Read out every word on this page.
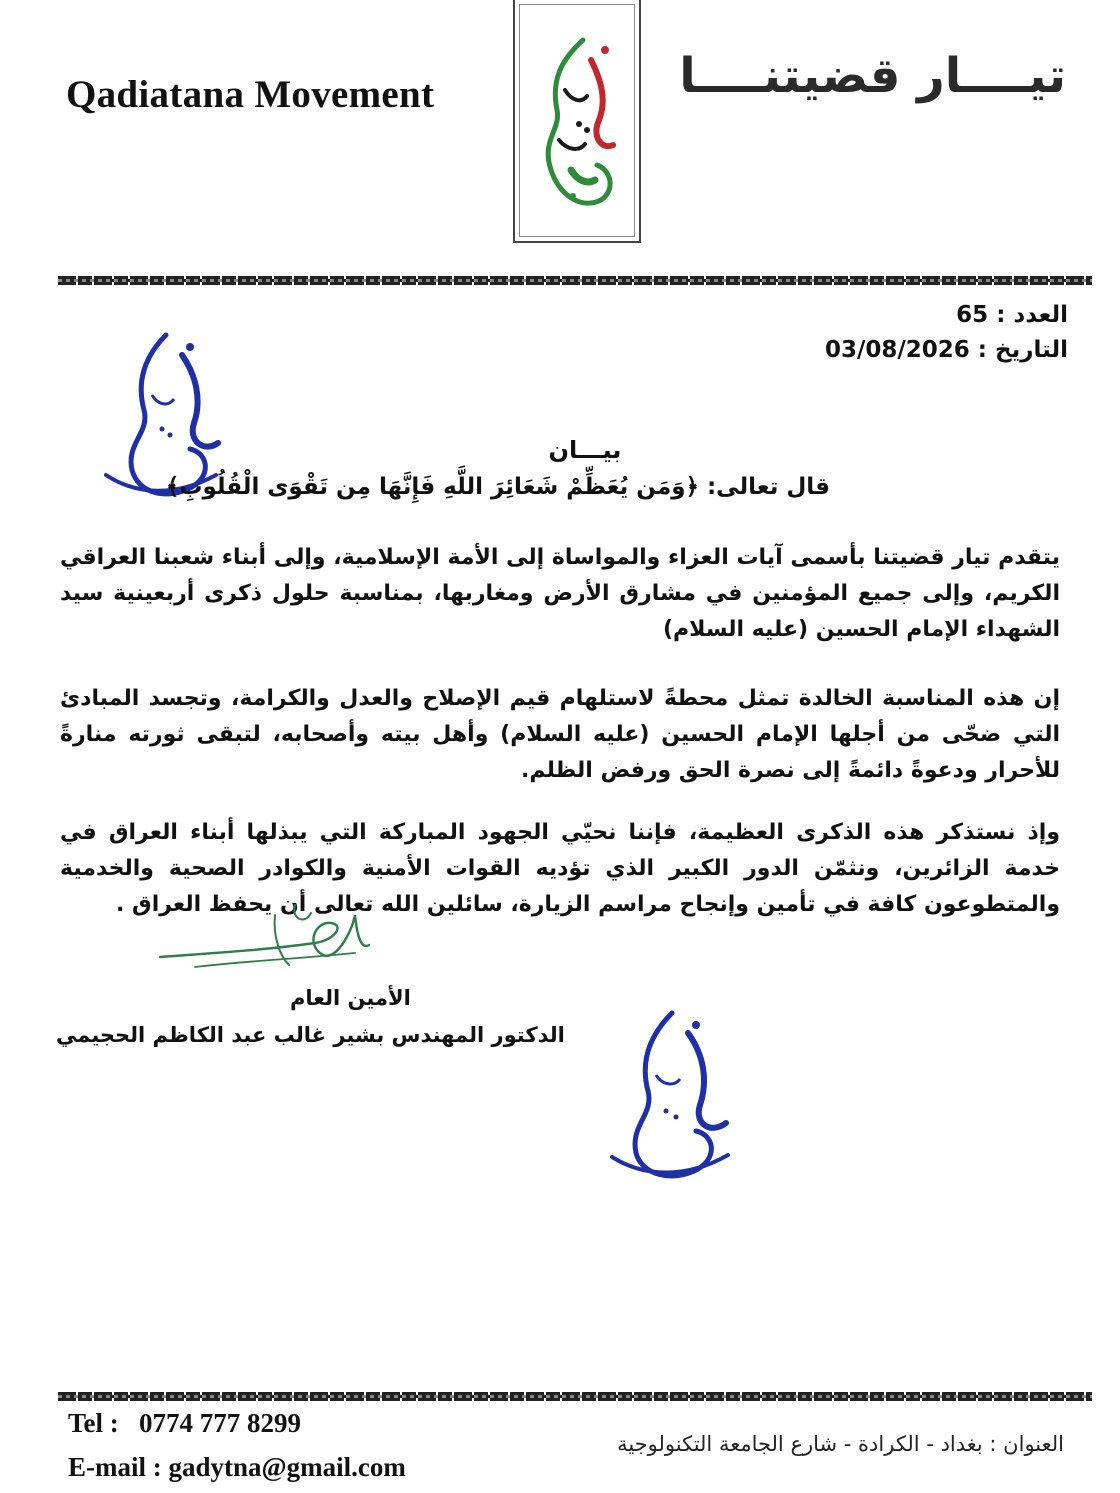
Qadiatana Movement	تيــــار قضيتنــــا
العدد : 65
التاريخ : 03/08/2026
بيـــان
قال تعالى: ﴿وَمَن يُعَظِّمْ شَعَائِرَ اللَّهِ فَإِنَّهَا مِن تَقْوَى الْقُلُوبِ﴾
يتقدم تيار قضيتنا بأسمى آيات العزاء والمواساة إلى الأمة الإسلامية، وإلى أبناء شعبنا العراقي الكريم، وإلى جميع المؤمنين في مشارق الأرض ومغاربها، بمناسبة حلول ذكرى أربعينية سيد الشهداء الإمام الحسين (عليه السلام)
إن هذه المناسبة الخالدة تمثل محطةً لاستلهام قيم الإصلاح والعدل والكرامة، وتجسد المبادئ التي ضحّى من أجلها الإمام الحسين (عليه السلام) وأهل بيته وأصحابه، لتبقى ثورته منارةً للأحرار ودعوةً دائمةً إلى نصرة الحق ورفض الظلم.
وإذ نستذكر هذه الذكرى العظيمة، فإننا نحيّي الجهود المباركة التي يبذلها أبناء العراق في خدمة الزائرين، ونثمّن الدور الكبير الذي تؤديه القوات الأمنية والكوادر الصحية والخدمية والمتطوعون كافة في تأمين وإنجاح مراسم الزيارة، سائلين الله تعالى أن يحفظ العراق .
الأمين العام
الدكتور المهندس بشير غالب عبد الكاظم الحجيمي
Tel :   0774 777 8299
E-mail : gadytna@gmail.com
العنوان : بغداد - الكرادة - شارع الجامعة التكنولوجية
